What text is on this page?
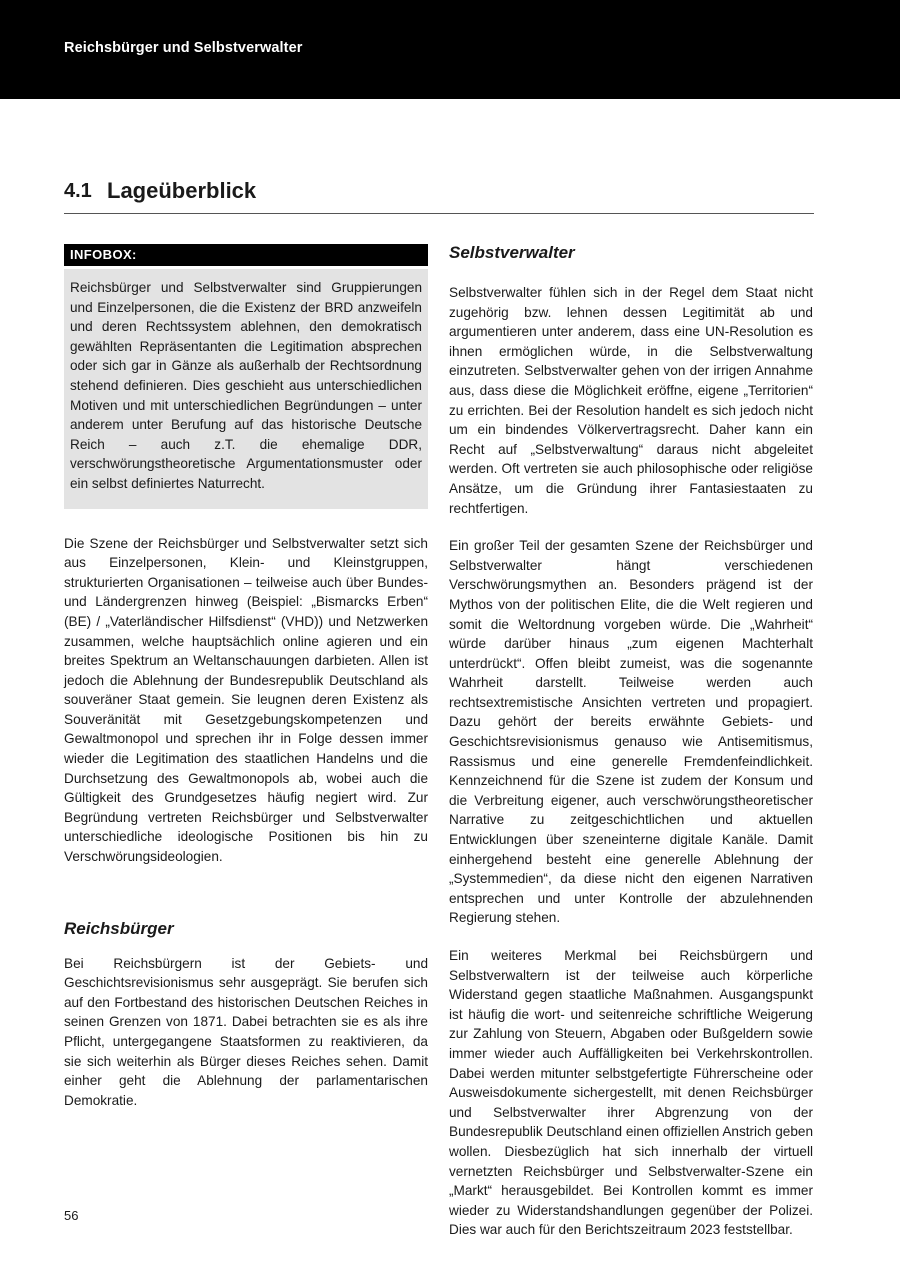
Reichsbürger und Selbstverwalter
4.1 Lageüberblick
INFOBOX:

Reichsbürger und Selbstverwalter sind Gruppierungen und Einzelpersonen, die die Existenz der BRD anzweifeln und deren Rechtssystem ablehnen, den demokratisch gewählten Repräsentanten die Legitimation absprechen oder sich gar in Gänze als außerhalb der Rechtsordnung stehend definieren. Dies geschieht aus unterschiedlichen Motiven und mit unterschiedlichen Begründungen – unter anderem unter Berufung auf das historische Deutsche Reich – auch z.T. die ehemalige DDR, verschwörungstheoretische Argumentationsmuster oder ein selbst definiertes Naturrecht.

Die Szene der Reichsbürger und Selbstverwalter setzt sich aus Einzelpersonen, Klein- und Kleinstgruppen, strukturierten Organisationen – teilweise auch über Bundes- und Ländergrenzen hinweg (Beispiel: „Bismarcks Erben“ (BE) / „Vaterländischer Hilfsdienst“ (VHD)) und Netzwerken zusammen, welche hauptsächlich online agieren und ein breites Spektrum an Weltanschauungen darbieten. Allen ist jedoch die Ablehnung der Bundesrepublik Deutschland als souveräner Staat gemein. Sie leugnen deren Existenz als Souveränität mit Gesetzgebungskompetenzen und Gewaltmonopol und sprechen ihr in Folge dessen immer wieder die Legitimation des staatlichen Handelns und die Durchsetzung des Gewaltmonopols ab, wobei auch die Gültigkeit des Grundgesetzes häufig negiert wird. Zur Begründung vertreten Reichsbürger und Selbstverwalter unterschiedliche ideologische Positionen bis hin zu Verschwörungsideologien.

Reichsbürger

Bei Reichsbürgern ist der Gebiets- und Geschichtsrevisionismus sehr ausgeprägt. Sie berufen sich auf den Fortbestand des historischen Deutschen Reiches in seinen Grenzen von 1871. Dabei betrachten sie es als ihre Pflicht, untergegangene Staatsformen zu reaktivieren, da sie sich weiterhin als Bürger dieses Reiches sehen. Damit einher geht die Ablehnung der parlamentarischen Demokratie.

Selbstverwalter

Selbstverwalter fühlen sich in der Regel dem Staat nicht zugehörig bzw. lehnen dessen Legitimität ab und argumentieren unter anderem, dass eine UN-Resolution es ihnen ermöglichen würde, in die Selbstverwaltung einzutreten. Selbstverwalter gehen von der irrigen Annahme aus, dass diese die Möglichkeit eröffne, eigene „Territorien“ zu errichten. Bei der Resolution handelt es sich jedoch nicht um ein bindendes Völkervertragsrecht. Daher kann ein Recht auf „Selbstverwaltung“ daraus nicht abgeleitet werden. Oft vertreten sie auch philosophische oder religiöse Ansätze, um die Gründung ihrer Fantasiestaaten zu rechtfertigen.

Ein großer Teil der gesamten Szene der Reichsbürger und Selbstverwalter hängt verschiedenen Verschwörungsmythen an. Besonders prägend ist der Mythos von der politischen Elite, die die Welt regieren und somit die Weltordnung vorgeben würde. Die „Wahrheit“ würde darüber hinaus „zum eigenen Machterhalt unterdrückt“. Offen bleibt zumeist, was die sogenannte Wahrheit darstellt. Teilweise werden auch rechtsextremistische Ansichten vertreten und propagiert. Dazu gehört der bereits erwähnte Gebiets- und Geschichtsrevisionismus genauso wie Antisemitismus, Rassismus und eine generelle Fremdenfeindlichkeit. Kennzeichnend für die Szene ist zudem der Konsum und die Verbreitung eigener, auch verschwörungstheoretischer Narrative zu zeitgeschichtlichen und aktuellen Entwicklungen über szeneinterne digitale Kanäle. Damit einhergehend besteht eine generelle Ablehnung der „Systemmedien“, da diese nicht den eigenen Narrativen entsprechen und unter Kontrolle der abzulehnenden Regierung stehen.

Ein weiteres Merkmal bei Reichsbürgern und Selbstverwaltern ist der teilweise auch körperliche Widerstand gegen staatliche Maßnahmen. Ausgangspunkt ist häufig die wort- und seitenreiche schriftliche Weigerung zur Zahlung von Steuern, Abgaben oder Bußgeldern sowie immer wieder auch Auffälligkeiten bei Verkehrskontrollen. Dabei werden mitunter selbstgefertigte Führerscheine oder Ausweisdokumente sichergestellt, mit denen Reichsbürger und Selbstverwalter ihrer Abgrenzung von der Bundesrepublik Deutschland einen offiziellen Anstrich geben wollen. Diesbezüglich hat sich innerhalb der virtuell vernetzten Reichsbürger und Selbstverwalter-Szene ein „Markt“ herausgebildet. Bei Kontrollen kommt es immer wieder zu Widerstandshandlungen gegenüber der Polizei. Dies war auch für den Berichtszeitraum 2023 feststellbar.

56
